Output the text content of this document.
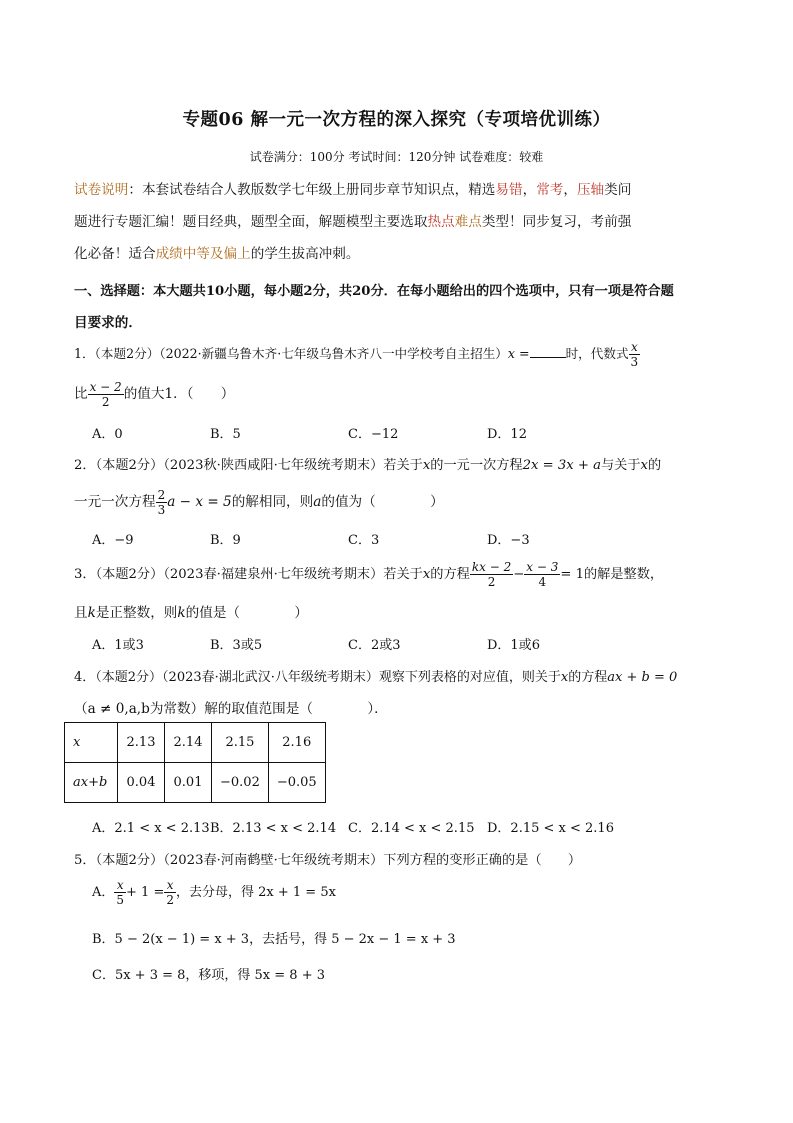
专题06 解一元一次方程的深入探究（专项培优训练）
试卷满分：100分 考试时间：120分钟 试卷难度：较难
试卷说明：本套试卷结合人教版数学七年级上册同步章节知识点，精选易错，常考，压轴类问
题进行专题汇编！题目经典，题型全面，解题模型主要选取热点难点类型！同步复习，考前强
化必备！适合成绩中等及偏上的学生拔高冲刺。
一、选择题：本大题共10小题，每小题2分，共20分．在每小题给出的四个选项中，只有一项是符合题
目要求的．
1．（本题2分）（2022·新疆乌鲁木齐·七年级乌鲁木齐八一中学校考自主招生）x =	时，代数式 $\frac{x}{3}$
比 $\frac{x - 2}{2}$ 的值大1．（　　）
A．0	B．5	C．−12	D．12
2．（本题2分）（2023秋·陕西咸阳·七年级统考期末）若关于x的一元一次方程2x = 3x + a与关于x的
一元一次方程 $\frac{2}{3}$ a − x = 5的解相同，则a的值为（　　　　）
A．−9	B．9	C．3	D．−3
3．（本题2分）（2023春·福建泉州·七年级统考期末）若关于x的方程 $\frac{kx - 2}{2} - \frac{x - 3}{4} = 1$的解是整数，
且k是正整数，则k的值是（　　　　）
A．1或3	B．3或5	C．2或3	D．1或6
4．（本题2分）（2023春·湖北武汉·八年级统考期末）观察下列表格的对应值，则关于x的方程ax + b = 0
（a ≠ 0,a,b为常数）解的取值范围是（　　　　）．
x	2.13	2.14	2.15	2.16
ax+b	0.04	0.01	−0.02	−0.05
A．2.1 < x < 2.13 B．2.13 < x < 2.14 C．2.14 < x < 2.15 D．2.15 < x < 2.16
5．（本题2分）（2023春·河南鹤壁·七年级统考期末）下列方程的变形正确的是（　　）
A． $\frac{x}{5} + 1 = \frac{x}{2}$ ，去分母，得 2x + 1 = 5x
B．5 − 2(x − 1) = x + 3，去括号，得 5 − 2x − 1 = x + 3
C．5x + 3 = 8，移项，得 5x = 8 + 3
